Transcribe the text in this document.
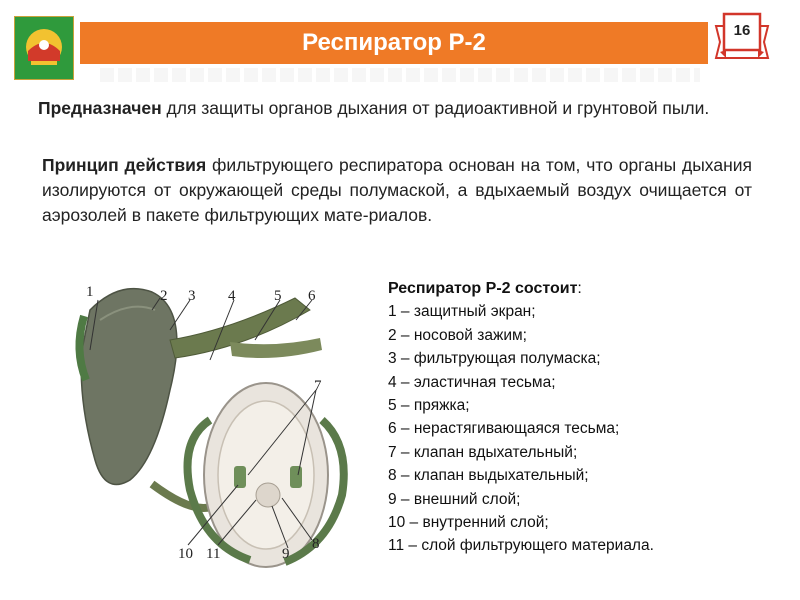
Респиратор Р-2	16
Предназначен для защиты органов дыхания от радиоактивной и грунтовой пыли.
Принцип действия фильтрующего респиратора основан на том, что органы дыхания изолируются от окружающей среды полумаской, а вдыхаемый воздух очищается от аэрозолей в пакете фильтрующих мате-риалов.
1	2 3 4	5 6
7
8
9
10 11
Респиратор Р-2 состоит:
1 – защитный экран;
2 – носовой зажим;
3 – фильтрующая полумаска;
4 – эластичная тесьма;
5 – пряжка;
6 – нерастягивающаяся тесьма;
7 – клапан вдыхательный;
8 – клапан выдыхательный;
9 – внешний слой;
10 – внутренний слой;
11 – слой фильтрующего материала.
